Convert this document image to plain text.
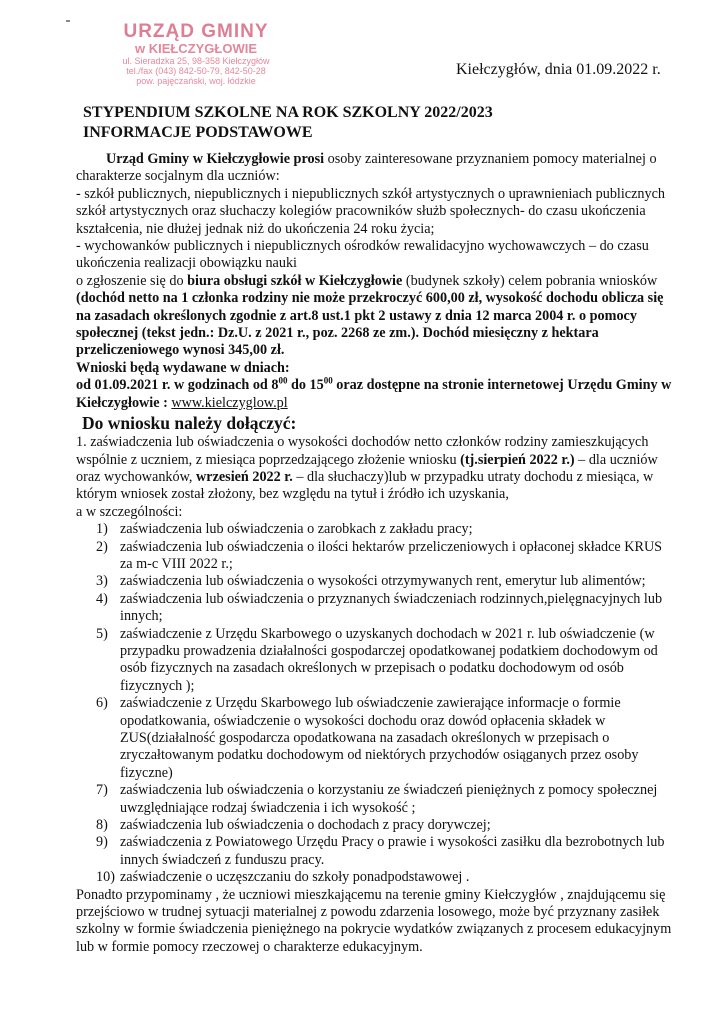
URZĄD GMINY
w KIEŁCZYGŁOWIE
ul. Sieradzka 25, 98-358 Kiełczygłów
tel./fax (043) 842-50-79, 842-50-28
pow. pajęczański, woj. łódzkie
Kiełczygłów, dnia 01.09.2022 r.
STYPENDIUM SZKOLNE NA ROK SZKOLNY 2022/2023
INFORMACJE PODSTAWOWE

Urząd Gminy w Kiełczygłowie prosi osoby zainteresowane przyznaniem pomocy materialnej o charakterze socjalnym dla uczniów:

- szkół publicznych, niepublicznych i niepublicznych szkół artystycznych o uprawnieniach publicznych szkół artystycznych oraz słuchaczy kolegiów pracowników służb społecznych- do czasu ukończenia kształcenia, nie dłużej jednak niż do ukończenia 24 roku życia;

- wychowanków publicznych i niepublicznych ośrodków rewalidacyjno wychowawczych – do czasu ukończenia realizacji obowiązku nauki

o zgłoszenie się do biura obsługi szkół w Kiełczygłowie (budynek szkoły) celem pobrania wniosków (dochód netto na 1 członka rodziny nie może przekroczyć 600,00 zł, wysokość dochodu oblicza się na zasadach określonych zgodnie z art.8 ust.1 pkt 2 ustawy z dnia 12 marca 2004 r. o pomocy społecznej (tekst jedn.: Dz.U. z 2021 r., poz. 2268 ze zm.). Dochód miesięczny z hektara przeliczeniowego wynosi 345,00 zł.

Wnioski będą wydawane w dniach:

od 01.09.2021 r. w godzinach od $8^{00}$ do $15^{00}$ oraz dostępne na stronie internetowej Urzędu Gminy w Kiełczygłowie : www.kielczyglow.pl

Do wniosku należy dołączyć:

1. zaświadczenia lub oświadczenia o wysokości dochodów netto członków rodziny zamieszkujących wspólnie z uczniem, z miesiąca poprzedzającego złożenie wniosku (tj.sierpień 2022 r.) – dla uczniów oraz wychowanków, wrzesień 2022 r. – dla słuchaczy)lub w przypadku utraty dochodu z miesiąca, w którym wniosek został złożony, bez względu na tytuł i źródło ich uzyskania,

a w szczególności:

1) zaświadczenia lub oświadczenia o zarobkach z zakładu pracy;
2) zaświadczenia lub oświadczenia o ilości hektarów przeliczeniowych i opłaconej składce KRUS za m-c VIII 2022 r.;
3) zaświadczenia lub oświadczenia o wysokości otrzymywanych rent, emerytur lub alimentów;
4) zaświadczenia lub oświadczenia o przyznanych świadczeniach rodzinnych,pielęgnacyjnych lub innych;
5) zaświadczenie z Urzędu Skarbowego o uzyskanych dochodach w 2021 r. lub oświadczenie (w przypadku prowadzenia działalności gospodarczej opodatkowanej podatkiem dochodowym od osób fizycznych na zasadach określonych w przepisach o podatku dochodowym od osób fizycznych );
6) zaświadczenie z Urzędu Skarbowego lub oświadczenie zawierające informacje o formie opodatkowania, oświadczenie o wysokości dochodu oraz dowód opłacenia składek w ZUS(działalność gospodarcza opodatkowana na zasadach określonych w przepisach o zryczałtowanym podatku dochodowym od niektórych przychodów osiąganych przez osoby fizyczne)
7) zaświadczenia lub oświadczenia o korzystaniu ze świadczeń pieniężnych z pomocy społecznej uwzględniające rodzaj świadczenia i ich wysokość ;
8) zaświadczenia lub oświadczenia o dochodach z pracy dorywczej;
9) zaświadczenia z Powiatowego Urzędu Pracy o prawie i wysokości zasiłku dla bezrobotnych lub innych świadczeń z funduszu pracy.
10) zaświadczenie o uczęszczaniu do szkoły ponadpodstawowej .

Ponadto przypominamy , że uczniowi mieszkającemu na terenie gminy Kiełczygłów , znajdującemu się przejściowo w trudnej sytuacji materialnej z powodu zdarzenia losowego, może być przyznany zasiłek szkolny w formie świadczenia pieniężnego na pokrycie wydatków związanych z procesem edukacyjnym lub w formie pomocy rzeczowej o charakterze edukacyjnym.
